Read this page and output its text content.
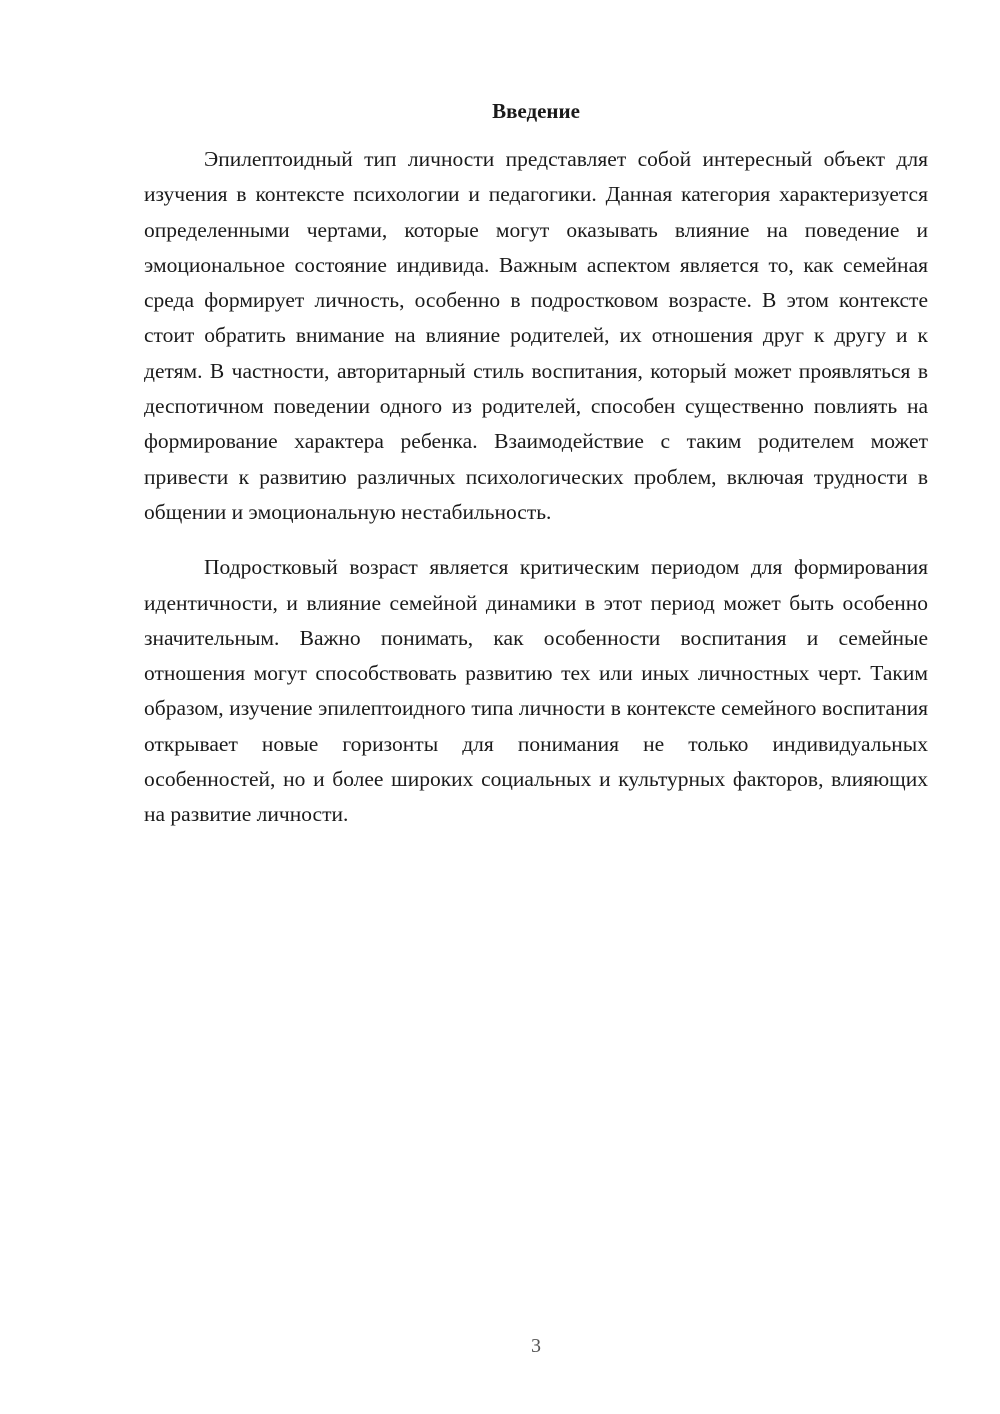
Введение

Эпилептоидный тип личности представляет собой интересный объект для изучения в контексте психологии и педагогики. Данная категория характеризуется определенными чертами, которые могут оказывать влияние на поведение и эмоциональное состояние индивида. Важным аспектом является то, как семейная среда формирует личность, особенно в подростковом возрасте. В этом контексте стоит обратить внимание на влияние родителей, их отношения друг к другу и к детям. В частности, авторитарный стиль воспитания, который может проявляться в деспотичном поведении одного из родителей, способен существенно повлиять на формирование характера ребенка. Взаимодействие с таким родителем может привести к развитию различных психологических проблем, включая трудности в общении и эмоциональную нестабильность.

Подростковый возраст является критическим периодом для формирования идентичности, и влияние семейной динамики в этот период может быть особенно значительным. Важно понимать, как особенности воспитания и семейные отношения могут способствовать развитию тех или иных личностных черт. Таким образом, изучение эпилептоидного типа личности в контексте семейного воспитания открывает новые горизонты для понимания не только индивидуальных особенностей, но и более широких социальных и культурных факторов, влияющих на развитие личности.

3
